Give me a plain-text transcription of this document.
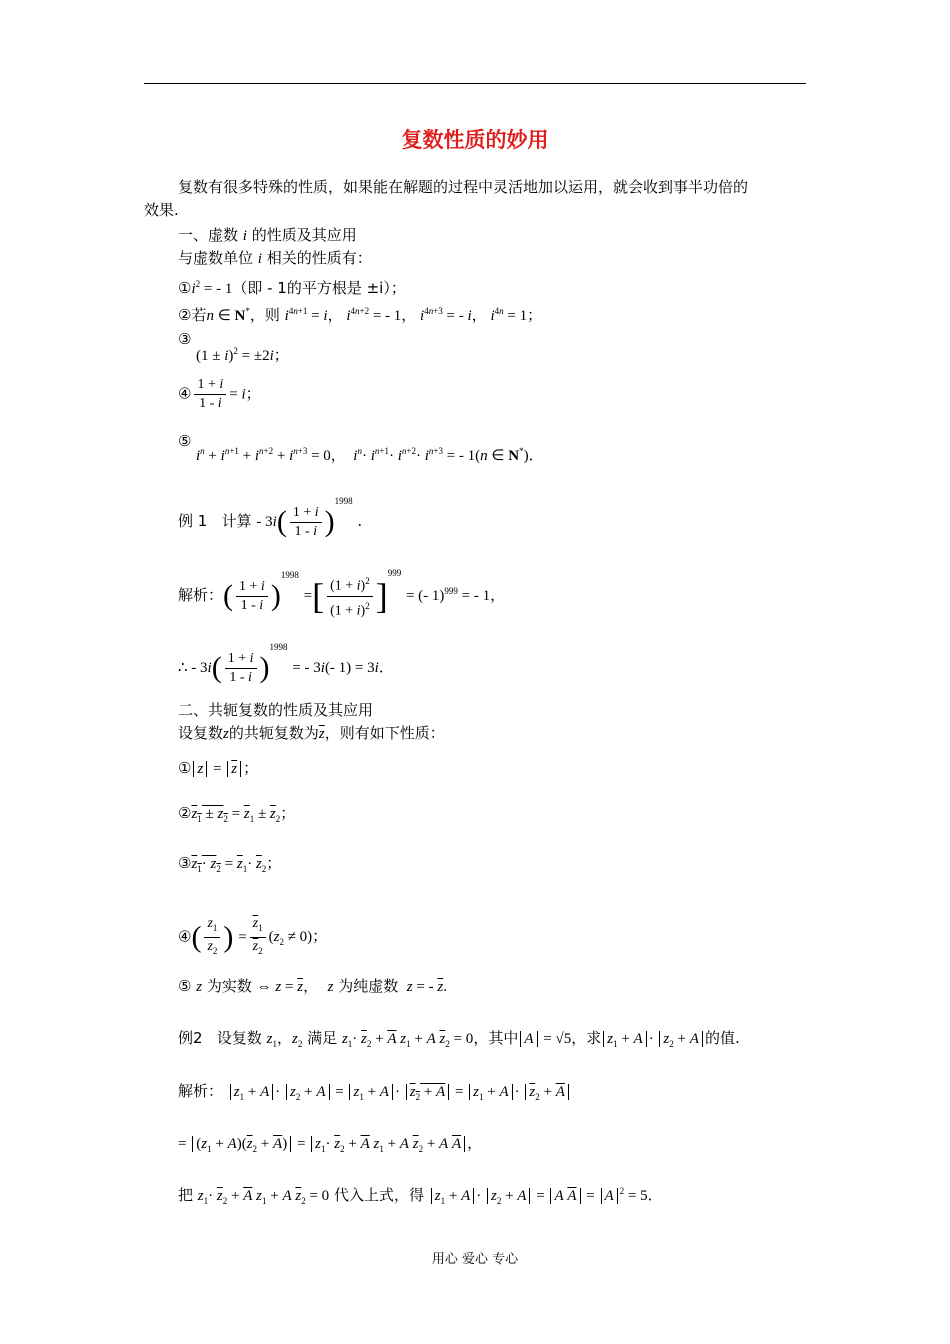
复数性质的妙用
复数有很多特殊的性质，如果能在解题的过程中灵活地加以运用，就会收到事半功倍的
效果.
一、虚数 i 的性质及其应用
与虚数单位 i 相关的性质有：
$①i^2$ = - 1（即 - 1的平方根是 ±i）；
②若n ∈ N*，则 $i^{4n+1} = i$， $i^{4n+2}$ = - 1， $i^{4n+3}$ = - i， $i^{4n} = 1$；
③
$(1 \pm i)^2 = \pm 2i$；
④ $\frac{1 + i}{1 - i} = i$；
⑤
$i^n + i^{n+1} + i^{n+2} + i^{n+3} = 0$，  $i^n\cdot i^{n+1}\cdot i^{n+2}\cdot i^{n+3}$ = - 1(n ∈ N*)．
例 1 计算 - $3i( \frac{1 + i}{1 - i} )^{1998}$ .
解析：( $\frac{1 + i}{1 - i} )^{1998}$ =[ $\frac{(1 + i)^2}{(1 + i)^2} ]^{999}$ = (- 1)$^{999}$ = - 1，
∴ - $3i( \frac{1 + i}{1 - i} )^{1998}$ = - 3i(- 1) = 3i．
二、共轭复数的性质及其应用
设复数z的共轭复数为$\overline{z}$，则有如下性质：
① $z = \overline{z}$ ；
$②z_1 \pm z_2 = \overline{z}_1 \pm \overline{z}_2$；
$③z_1\cdot z_2 = \overline{z}_1\cdot \overline{z}_2$；
④( $\frac{z_1}{z_2}$ ) = $\frac{\overline{z}_1}{\overline{z}_2} (z_2 \ne 0)$；
⑤ z 为实数 ⇔ $z = \overline{z}$， z 为纯虚数 z = - $\overline{z}$.
例2 设复数 $z_1$，$z_2$ 满足 $z_1\cdot \overline{z}_2 + \overline{A}$ $z_1 + A$ $\overline{z}_2 = 0$，其中 A = √5，求 $z_1 + A \cdot z_2 + A$ 的值.
解析： $z_1 + A \cdot z_2 + A = z_1 + A \cdot z_2 + A = z_1 + A \cdot \overline{z}_2 + \overline{A}$
= $(z_1 + A)(\overline{z}_2 + \overline{A}) = z_1\cdot \overline{z}_2 + \overline{A}$ $z_1 + A$ $\overline{z}_2 + A$ $\overline{A}$ ，
把 $z_1\cdot \overline{z}_2 + \overline{A}$ $z_1 + A$ $\overline{z}_2 = 0$ 代入上式，得 $z_1 + A \cdot z_2 + A = A$ $\overline{A} = A$ $^2$ = 5．
用心 爱心 专心
